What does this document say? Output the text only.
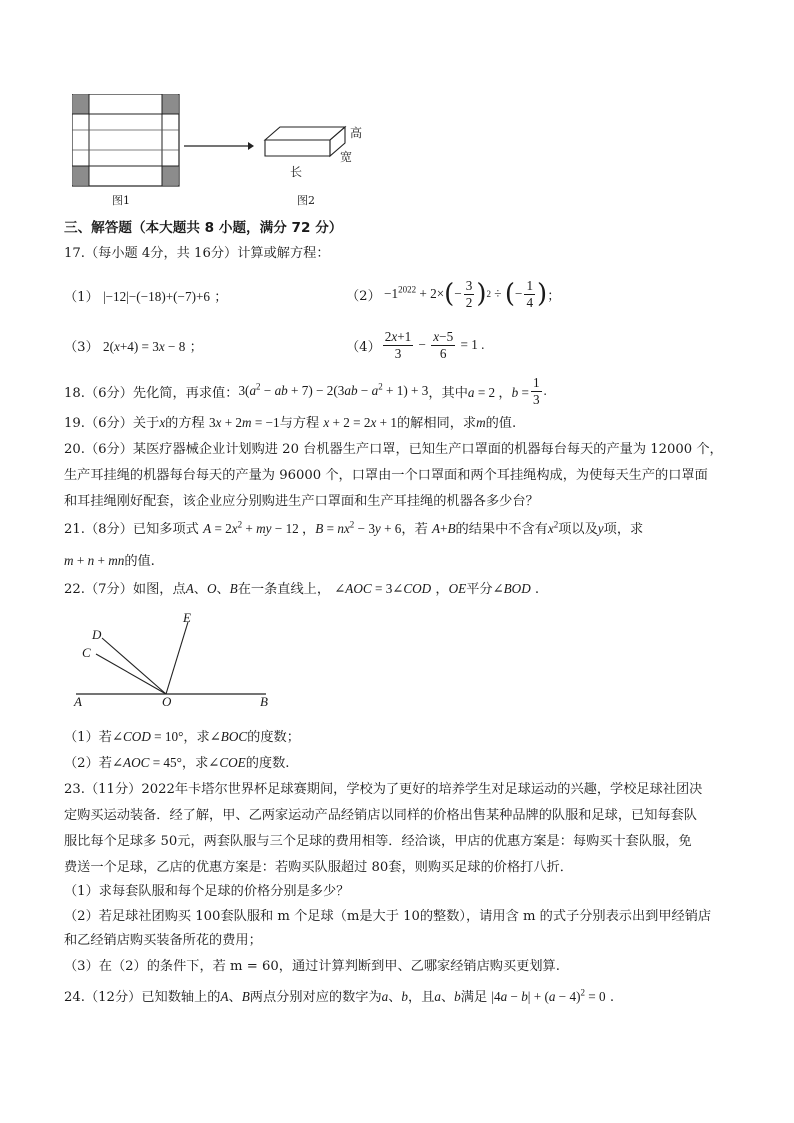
图1
高
宽
长
图2
三、解答题（本大题共 8 小题，满分 72 分）
17.（每小题 4分，共 16分）计算或解方程：
（1） |−12|−(−18)+(−7)+6 ；	$(2) -1^{2022} + 2\times$ ( − $\frac{3}{2}$ ) 2 ÷ ( − $\frac{1}{4}$ ) ；
（3） 2(x+4) = 3x − 8 ；	$(4) \frac{2x+1}{3} - \frac{x-5}{6} = 1$ .
18.（6分）先化简，再求值： $3(a^2$ − ab + $7) - 2(3ab - a^2 + 1) + 3$ ，其中 a = 2 ，$b = \frac{1}{3}$ .
19.（6分）关于x的方程 3x + 2m = −1与方程 x + 2 = 2x + 1的解相同，求m的值.
20.（6分）某医疗器械企业计划购进 20 台机器生产口罩，已知生产口罩面的机器每台每天的产量为 12000 个，
生产耳挂绳的机器每台每天的产量为 96000 个，口罩由一个口罩面和两个耳挂绳构成，为使每天生产的口罩面
和耳挂绳刚好配套，该企业应分别购进生产口罩面和生产耳挂绳的机器各多少台？
21.（8分）已知多项式 $A = 2x^2$ + my − 12 ，$B = nx^2 - 3y + 6$，若 A+B的结果中不含有$x^2$项以及y项，求
m + n + mn的值.
22.（7分）如图，点A、O、B在一条直线上， ∠AOC = 3∠COD ，OE平分∠BOD .
D
C
E
A	O	B
（1）若∠COD = 10°，求∠BOC的度数；
（2）若∠AOC = 45°，求∠COE的度数.
23.（11分）2022年卡塔尔世界杯足球赛期间，学校为了更好的培养学生对足球运动的兴趣，学校足球社团决
定购买运动装备．经了解，甲、乙两家运动产品经销店以同样的价格出售某种品牌的队服和足球，已知每套队
服比每个足球多 50元，两套队服与三个足球的费用相等．经洽谈，甲店的优惠方案是：每购买十套队服，免
费送一个足球，乙店的优惠方案是：若购买队服超过 80套，则购买足球的价格打八折．
（1）求每套队服和每个足球的价格分别是多少？
（2）若足球社团购买 100套队服和 m 个足球（m是大于 10的整数），请用含 m 的式子分别表示出到甲经销店
和乙经销店购买装备所花的费用；
（3）在（2）的条件下，若 m = 60，通过计算判断到甲、乙哪家经销店购买更划算.
24.（12分）已知数轴上的A、B两点分别对应的数字为a、b，且a、b满足 $|4a - b| + (a - 4)^2 = 0$ .
